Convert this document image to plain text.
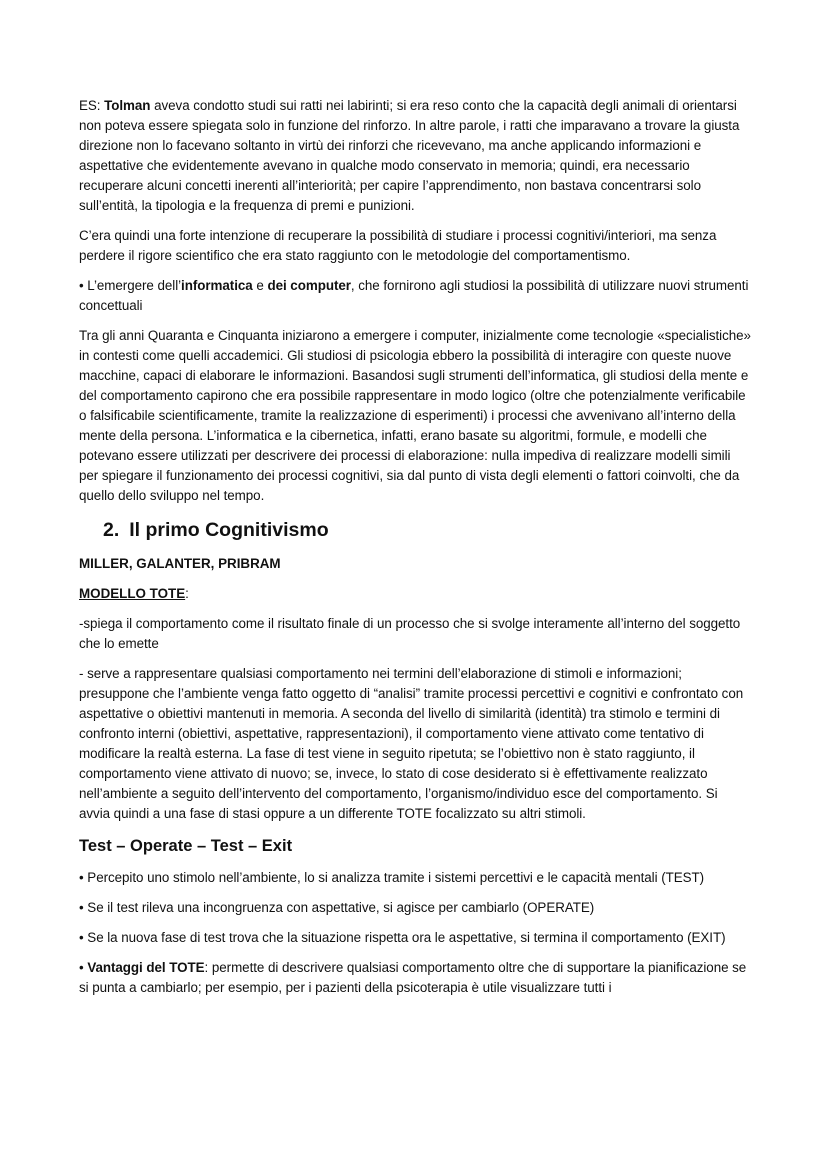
ES: Tolman aveva condotto studi sui ratti nei labirinti; si era reso conto che la capacità degli animali di orientarsi non poteva essere spiegata solo in funzione del rinforzo. In altre parole, i ratti che imparavano a trovare la giusta direzione non lo facevano soltanto in virtù dei rinforzi che ricevevano, ma anche applicando informazioni e aspettative che evidentemente avevano in qualche modo conservato in memoria; quindi, era necessario recuperare alcuni concetti inerenti all’interiorità; per capire l’apprendimento, non bastava concentrarsi solo sull’entità, la tipologia e la frequenza di premi e punizioni.

C’era quindi una forte intenzione di recuperare la possibilità di studiare i processi cognitivi/interiori, ma senza perdere il rigore scientifico che era stato raggiunto con le metodologie del comportamentismo.

• L’emergere dell’informatica e dei computer, che fornirono agli studiosi la possibilità di utilizzare nuovi strumenti concettuali

Tra gli anni Quaranta e Cinquanta iniziarono a emergere i computer, inizialmente come tecnologie «specialistiche» in contesti come quelli accademici. Gli studiosi di psicologia ebbero la possibilità di interagire con queste nuove macchine, capaci di elaborare le informazioni. Basandosi sugli strumenti dell’informatica, gli studiosi della mente e del comportamento capirono che era possibile rappresentare in modo logico (oltre che potenzialmente verificabile o falsificabile scientificamente, tramite la realizzazione di esperimenti) i processi che avvenivano all’interno della mente della persona. L’informatica e la cibernetica, infatti, erano basate su algoritmi, formule, e modelli che potevano essere utilizzati per descrivere dei processi di elaborazione: nulla impediva di realizzare modelli simili per spiegare il funzionamento dei processi cognitivi, sia dal punto di vista degli elementi o fattori coinvolti, che da quello dello sviluppo nel tempo.

2. Il primo Cognitivismo
MILLER, GALANTER, PRIBRAM
MODELLO TOTE:

-spiega il comportamento come il risultato finale di un processo che si svolge interamente all’interno del soggetto che lo emette

- serve a rappresentare qualsiasi comportamento nei termini dell’elaborazione di stimoli e informazioni; presuppone che l’ambiente venga fatto oggetto di “analisi” tramite processi percettivi e cognitivi e confrontato con aspettative o obiettivi mantenuti in memoria. A seconda del livello di similarità (identità) tra stimolo e termini di confronto interni (obiettivi, aspettative, rappresentazioni), il comportamento viene attivato come tentativo di modificare la realtà esterna. La fase di test viene in seguito ripetuta; se l’obiettivo non è stato raggiunto, il comportamento viene attivato di nuovo; se, invece, lo stato di cose desiderato si è effettivamente realizzato nell’ambiente a seguito dell’intervento del comportamento, l’organismo/individuo esce del comportamento. Si avvia quindi a una fase di stasi oppure a un differente TOTE focalizzato su altri stimoli.

Test – Operate – Test – Exit

• Percepito uno stimolo nell’ambiente, lo si analizza tramite i sistemi percettivi e le capacità mentali (TEST)

• Se il test rileva una incongruenza con aspettative, si agisce per cambiarlo (OPERATE)

• Se la nuova fase di test trova che la situazione rispetta ora le aspettative, si termina il comportamento (EXIT)

• Vantaggi del TOTE: permette di descrivere qualsiasi comportamento oltre che di supportare la pianificazione se si punta a cambiarlo; per esempio, per i pazienti della psicoterapia è utile visualizzare tutti i
